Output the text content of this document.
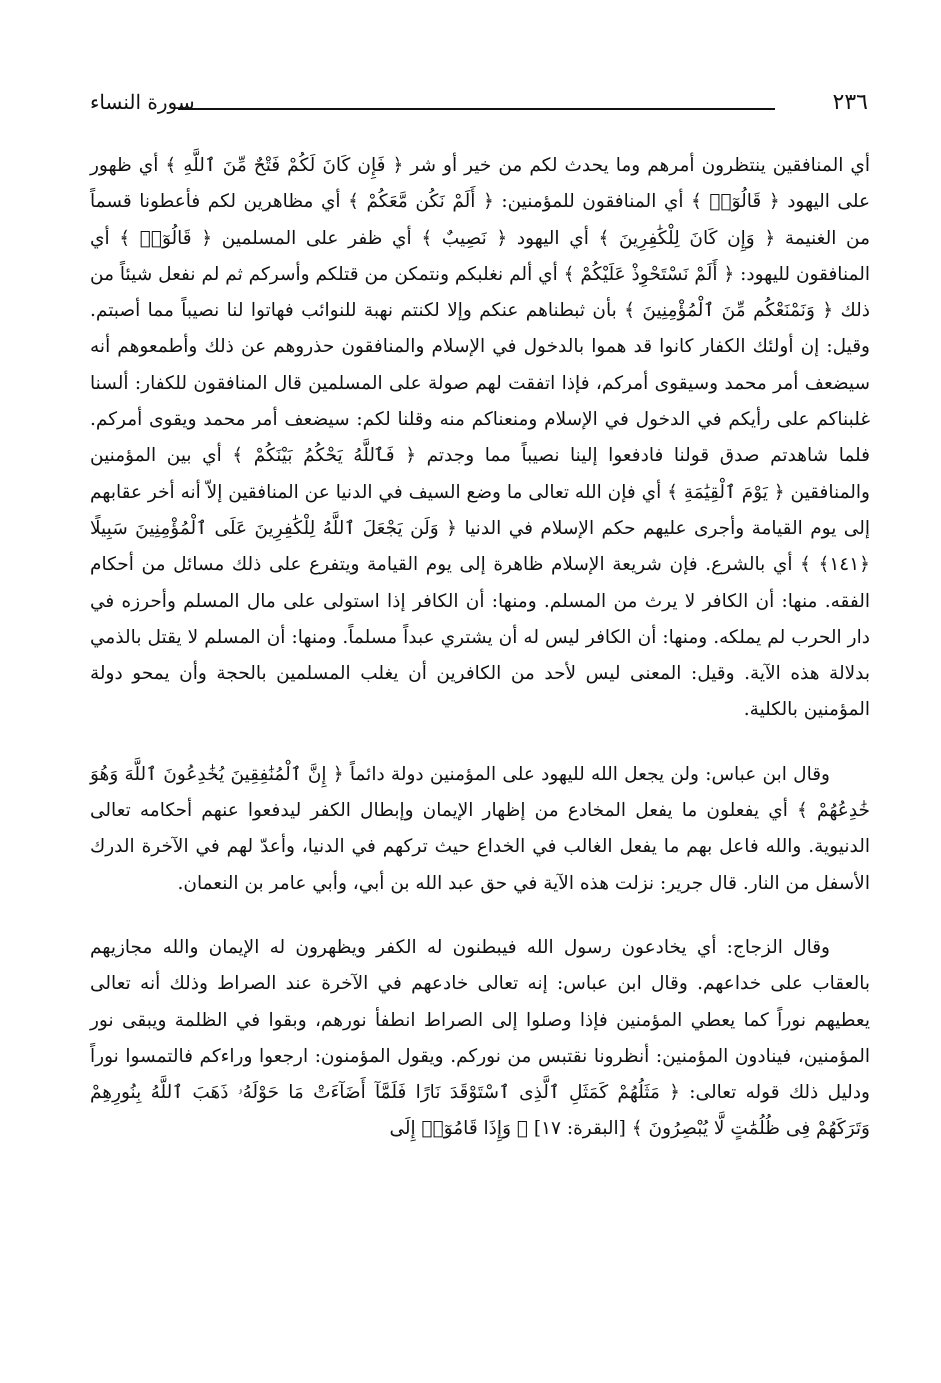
٢٣٦
سورة النساء

أي المنافقين ينتظرون أمرهم وما يحدث لكم من خير أو شر ﴿ فَإِن كَانَ لَكُمْ فَتْحٌ مِّنَ ٱللَّهِ ﴾ أي ظهور على اليهود ﴿ قَالُوٓا۟ ﴾ أي المنافقون للمؤمنين: ﴿ أَلَمْ نَكُن مَّعَكُمْ ﴾ أي مظاهرين لكم فأعطونا قسماً من الغنيمة ﴿ وَإِن كَانَ لِلْكَٰفِرِينَ ﴾ أي اليهود ﴿ نَصِيبٌ ﴾ أي ظفر على المسلمين ﴿ قَالُوٓا۟ ﴾ أي المنافقون لليهود: ﴿ أَلَمْ نَسْتَحْوِذْ عَلَيْكُمْ ﴾ أي ألم نغلبكم ونتمكن من قتلكم وأسركم ثم لم نفعل شيئاً من ذلك ﴿ وَنَمْنَعْكُم مِّنَ ٱلْمُؤْمِنِينَ ﴾ بأن ثبطناهم عنكم وإلا لكنتم نهبة للنوائب فهاتوا لنا نصيباً مما أصبتم. وقيل: إن أولئك الكفار كانوا قد هموا بالدخول في الإسلام والمنافقون حذروهم عن ذلك وأطمعوهم أنه سيضعف أمر محمد وسيقوى أمركم، فإذا اتفقت لهم صولة على المسلمين قال المنافقون للكفار: ألسنا غلبناكم على رأيكم في الدخول في الإسلام ومنعناكم منه وقلنا لكم: سيضعف أمر محمد ويقوى أمركم. فلما شاهدتم صدق قولنا فادفعوا إلينا نصيباً مما وجدتم ﴿ فَٱللَّهُ يَحْكُمُ بَيْنَكُمْ ﴾ أي بين المؤمنين والمنافقين ﴿ يَوْمَ ٱلْقِيَٰمَةِ ﴾ أي فإن الله تعالى ما وضع السيف في الدنيا عن المنافقين إلاّ أنه أخر عقابهم إلى يوم القيامة وأجرى عليهم حكم الإسلام في الدنيا ﴿ وَلَن يَجْعَلَ ٱللَّهُ لِلْكَٰفِرِينَ عَلَى ٱلْمُؤْمِنِينَ سَبِيلًا ﴿١٤١﴾ ﴾ أي بالشرع. فإن شريعة الإسلام ظاهرة إلى يوم القيامة ويتفرع على ذلك مسائل من أحكام الفقه. منها: أن الكافر لا يرث من المسلم. ومنها: أن الكافر إذا استولى على مال المسلم وأحرزه في دار الحرب لم يملكه. ومنها: أن الكافر ليس له أن يشتري عبداً مسلماً. ومنها: أن المسلم لا يقتل بالذمي بدلالة هذه الآية. وقيل: المعنى ليس لأحد من الكافرين أن يغلب المسلمين بالحجة وأن يمحو دولة المؤمنين بالكلية.

وقال ابن عباس: ولن يجعل الله لليهود على المؤمنين دولة دائماً ﴿ إِنَّ ٱلْمُنَٰفِقِينَ يُخَٰدِعُونَ ٱللَّهَ وَهُوَ خَٰدِعُهُمْ ﴾ أي يفعلون ما يفعل المخادع من إظهار الإيمان وإبطال الكفر ليدفعوا عنهم أحكامه تعالى الدنيوية. والله فاعل بهم ما يفعل الغالب في الخداع حيث تركهم في الدنيا، وأعدّ لهم في الآخرة الدرك الأسفل من النار. قال جرير: نزلت هذه الآية في حق عبد الله بن أبي، وأبي عامر بن النعمان.

وقال الزجاج: أي يخادعون رسول الله فيبطنون له الكفر ويظهرون له الإيمان والله مجازيهم بالعقاب على خداعهم. وقال ابن عباس: إنه تعالى خادعهم في الآخرة عند الصراط وذلك أنه تعالى يعطيهم نوراً كما يعطي المؤمنين فإذا وصلوا إلى الصراط انطفأ نورهم، وبقوا في الظلمة ويبقى نور المؤمنين، فينادون المؤمنين: أنظرونا نقتبس من نوركم. ويقول المؤمنون: ارجعوا وراءكم فالتمسوا نوراً ودليل ذلك قوله تعالى: ﴿ مَثَلُهُمْ كَمَثَلِ ٱلَّذِى ٱسْتَوْقَدَ نَارًا فَلَمَّآ أَضَآءَتْ مَا حَوْلَهُۥ ذَهَبَ ٱللَّهُ بِنُورِهِمْ وَتَرَكَهُمْ فِى ظُلُمَٰتٍ لَّا يُبْصِرُونَ ﴾ [البقرة: ١٧] ﴿ وَإِذَا قَامُوٓا۟ إِلَى
